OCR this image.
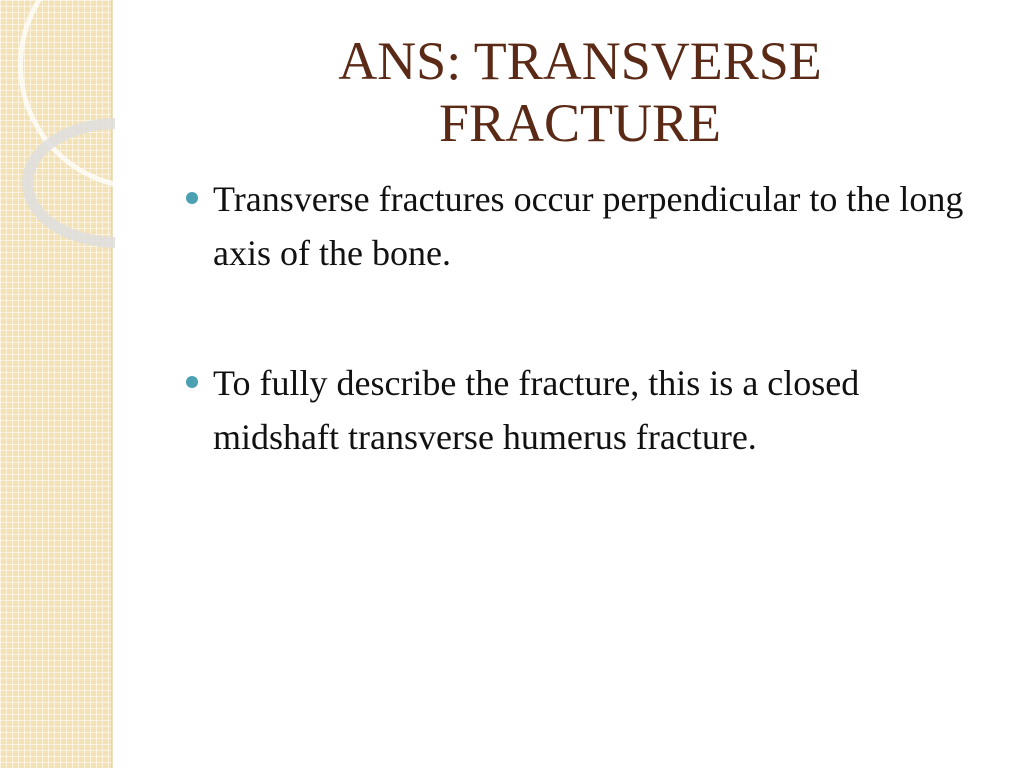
ANS: TRANSVERSE FRACTURE
Transverse fractures occur perpendicular to the long axis of the bone.
To fully describe the fracture, this is a closed midshaft transverse humerus fracture.
